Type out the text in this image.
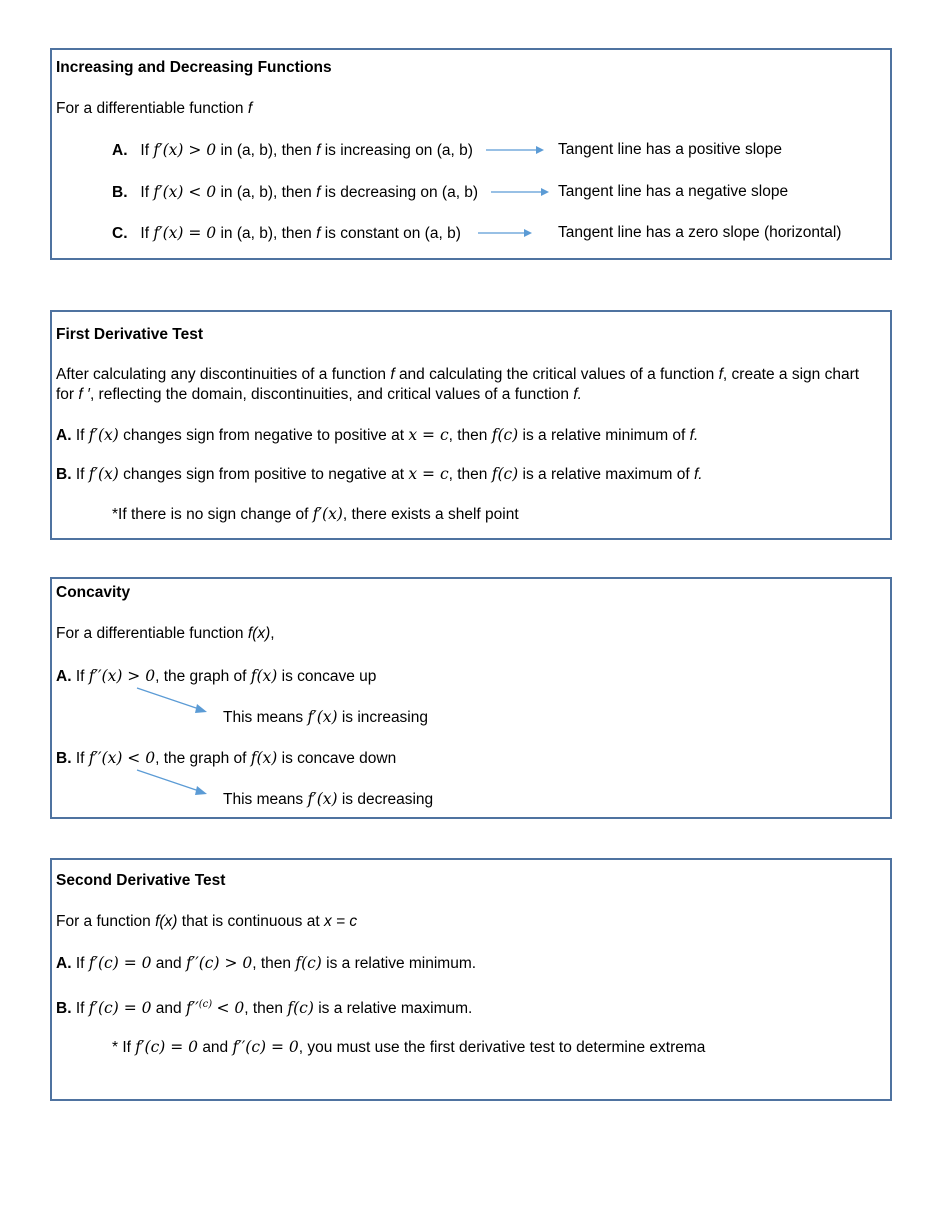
Increasing and Decreasing Functions
For a differentiable function f
A. If f′(x) > 0 in (a, b), then f is increasing on (a, b)	Tangent line has a positive slope
B. If f′(x) < 0 in (a, b), then f is decreasing on (a, b)	Tangent line has a negative slope
C. If f′(x) = 0 in (a, b), then f is constant on (a, b)	Tangent line has a zero slope (horizontal)
First Derivative Test
After calculating any discontinuities of a function f and calculating the critical values of a function f, create a sign chart
for f ′, reflecting the domain, discontinuities, and critical values of a function f.
A. If f′(x) changes sign from negative to positive at x = c, then f(c) is a relative minimum of f.
B. If f′(x) changes sign from positive to negative at x = c, then f(c) is a relative maximum of f.
*If there is no sign change of f′(x), there exists a shelf point
Concavity
For a differentiable function f(x),
A. If f′′(x) > 0, the graph of f(x) is concave up
This means f′(x) is increasing
B. If f′′(x) < 0, the graph of f(x) is concave down
This means f′(x) is decreasing
Second Derivative Test
For a function f(x) that is continuous at x = c
A. If f′(c) = 0 and f′′(c) > 0, then f(c) is a relative minimum.
B. If f′(c) = 0 and $f''^{(c)} < 0$, then f(c) is a relative maximum.
* If f′(c) = 0 and f′′(c) = 0, you must use the first derivative test to determine extrema
